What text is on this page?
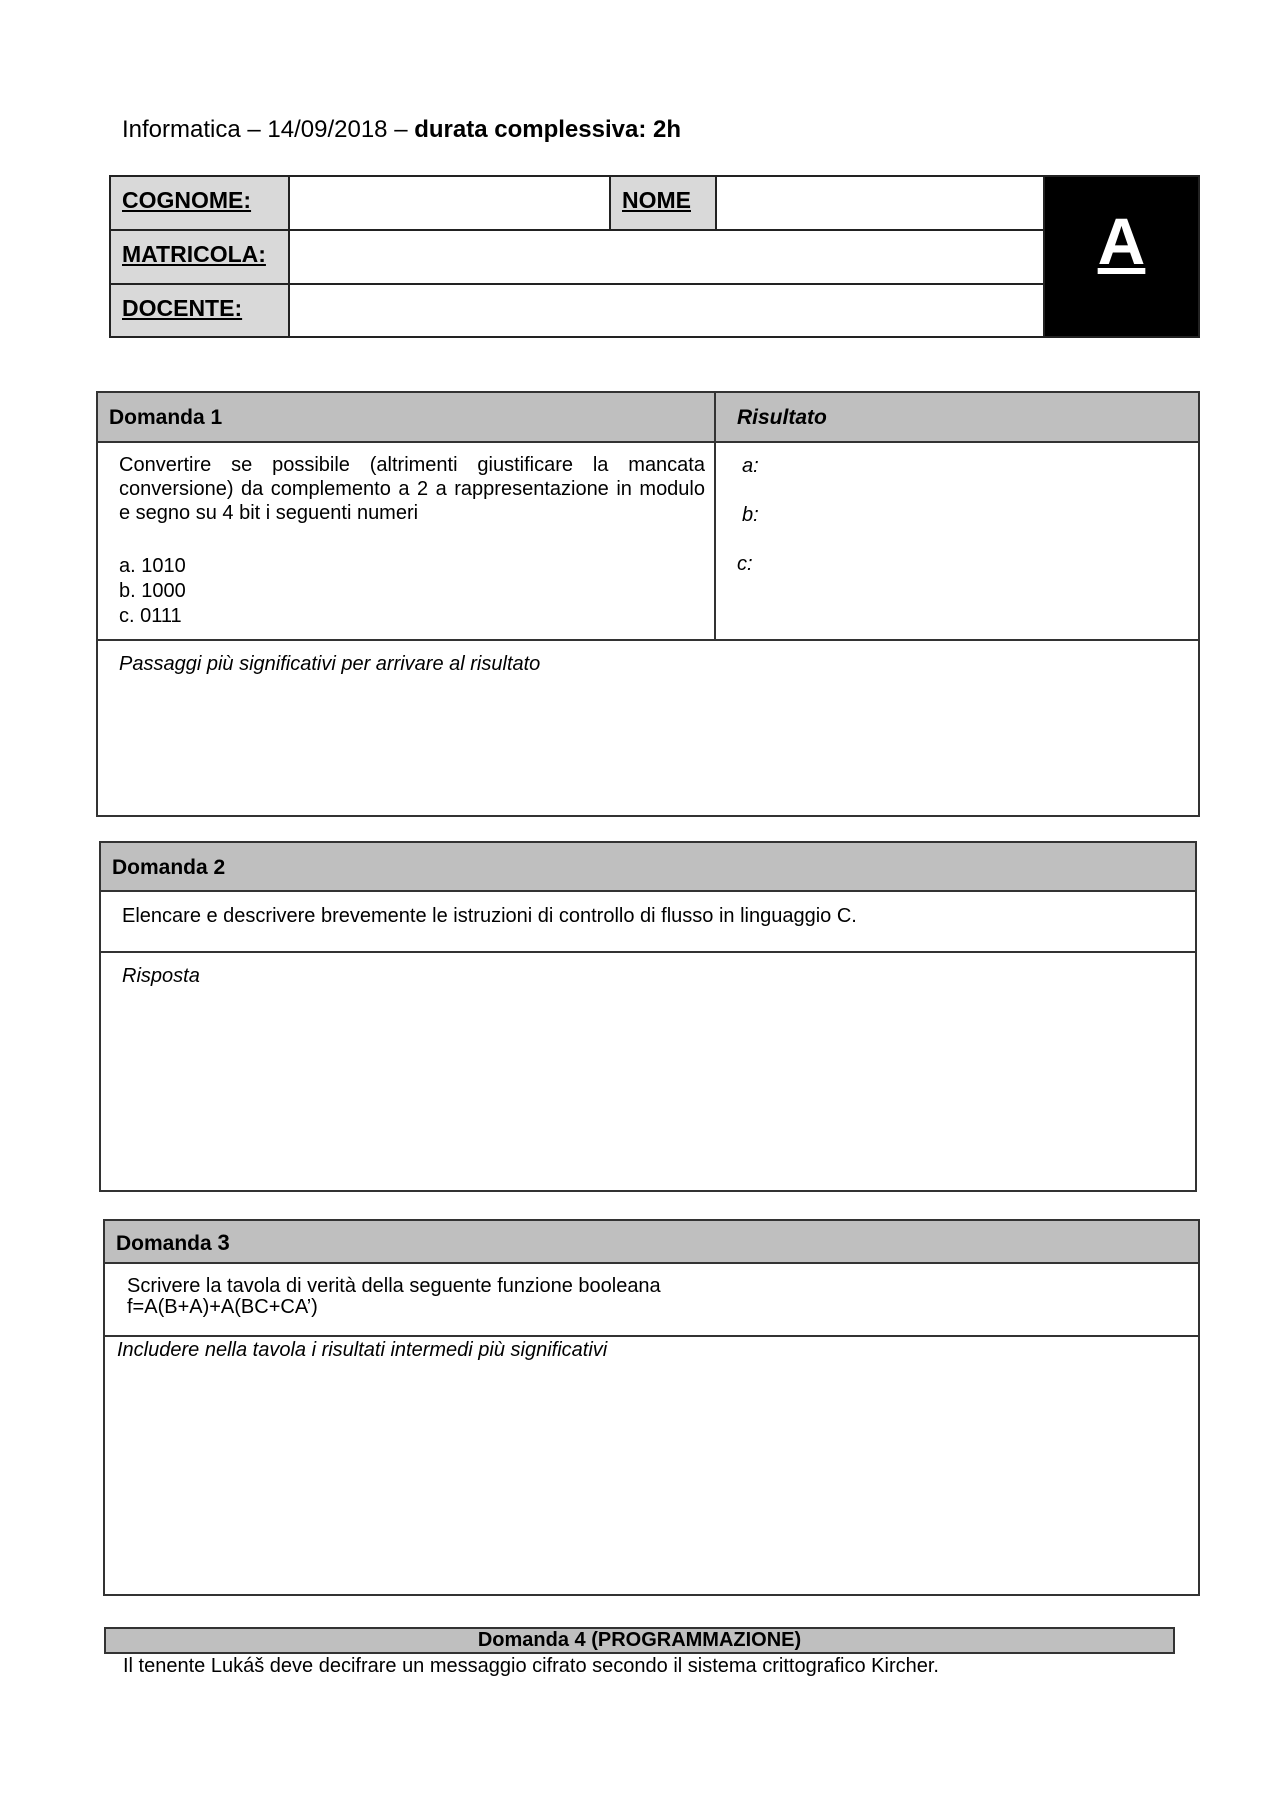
Informatica – 14/09/2018 – durata complessiva: 2h
COGNOME:	NOME
MATRICOLA:
DOCENTE:
A
Domanda 1	Risultato
Convertire se possibile (altrimenti giustificare la mancata conversione) da complemento a 2 a rappresentazione in modulo e segno su 4 bit i seguenti numeri
a. 1010
b. 1000
c. 0111
a:
b:
c:
Passaggi più significativi per arrivare al risultato
Domanda 2
Elencare e descrivere brevemente le istruzioni di controllo di flusso in linguaggio C.
Risposta
Domanda 3
Scrivere la tavola di verità della seguente funzione booleana
f=A(B+A)+A(BC+CA’)
Includere nella tavola i risultati intermedi più significativi
Domanda 4 (PROGRAMMAZIONE)
Il tenente Lukáš deve decifrare un messaggio cifrato secondo il sistema crittografico Kircher.
